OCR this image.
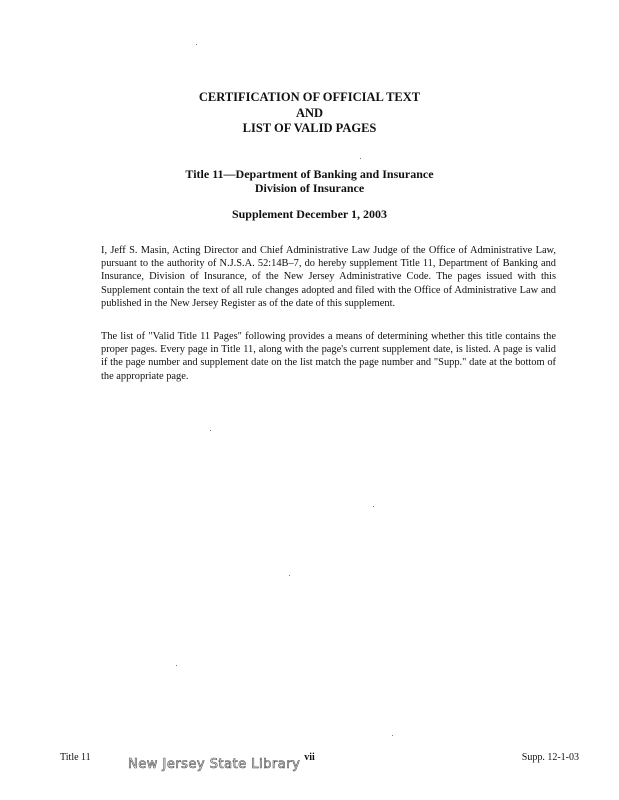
CERTIFICATION OF OFFICIAL TEXT
AND
LIST OF VALID PAGES
Title 11—Department of Banking and Insurance
Division of Insurance
Supplement December 1, 2003

I, Jeff S. Masin, Acting Director and Chief Administrative Law Judge of the Office of Administrative Law, pursuant to the authority of N.J.S.A. 52:14B–7, do hereby supplement Title 11, Department of Banking and Insurance, Division of Insurance, of the New Jersey Administrative Code. The pages issued with this Supplement contain the text of all rule changes adopted and filed with the Office of Administrative Law and published in the New Jersey Register as of the date of this supplement.

The list of "Valid Title 11 Pages" following provides a means of determining whether this title contains the proper pages. Every page in Title 11, along with the page's current supplement date, is listed. A page is valid if the page number and supplement date on the list match the page number and "Supp." date at the bottom of the appropriate page.

Title 11	vii	Supp. 12-1-03
New Jersey State Library
